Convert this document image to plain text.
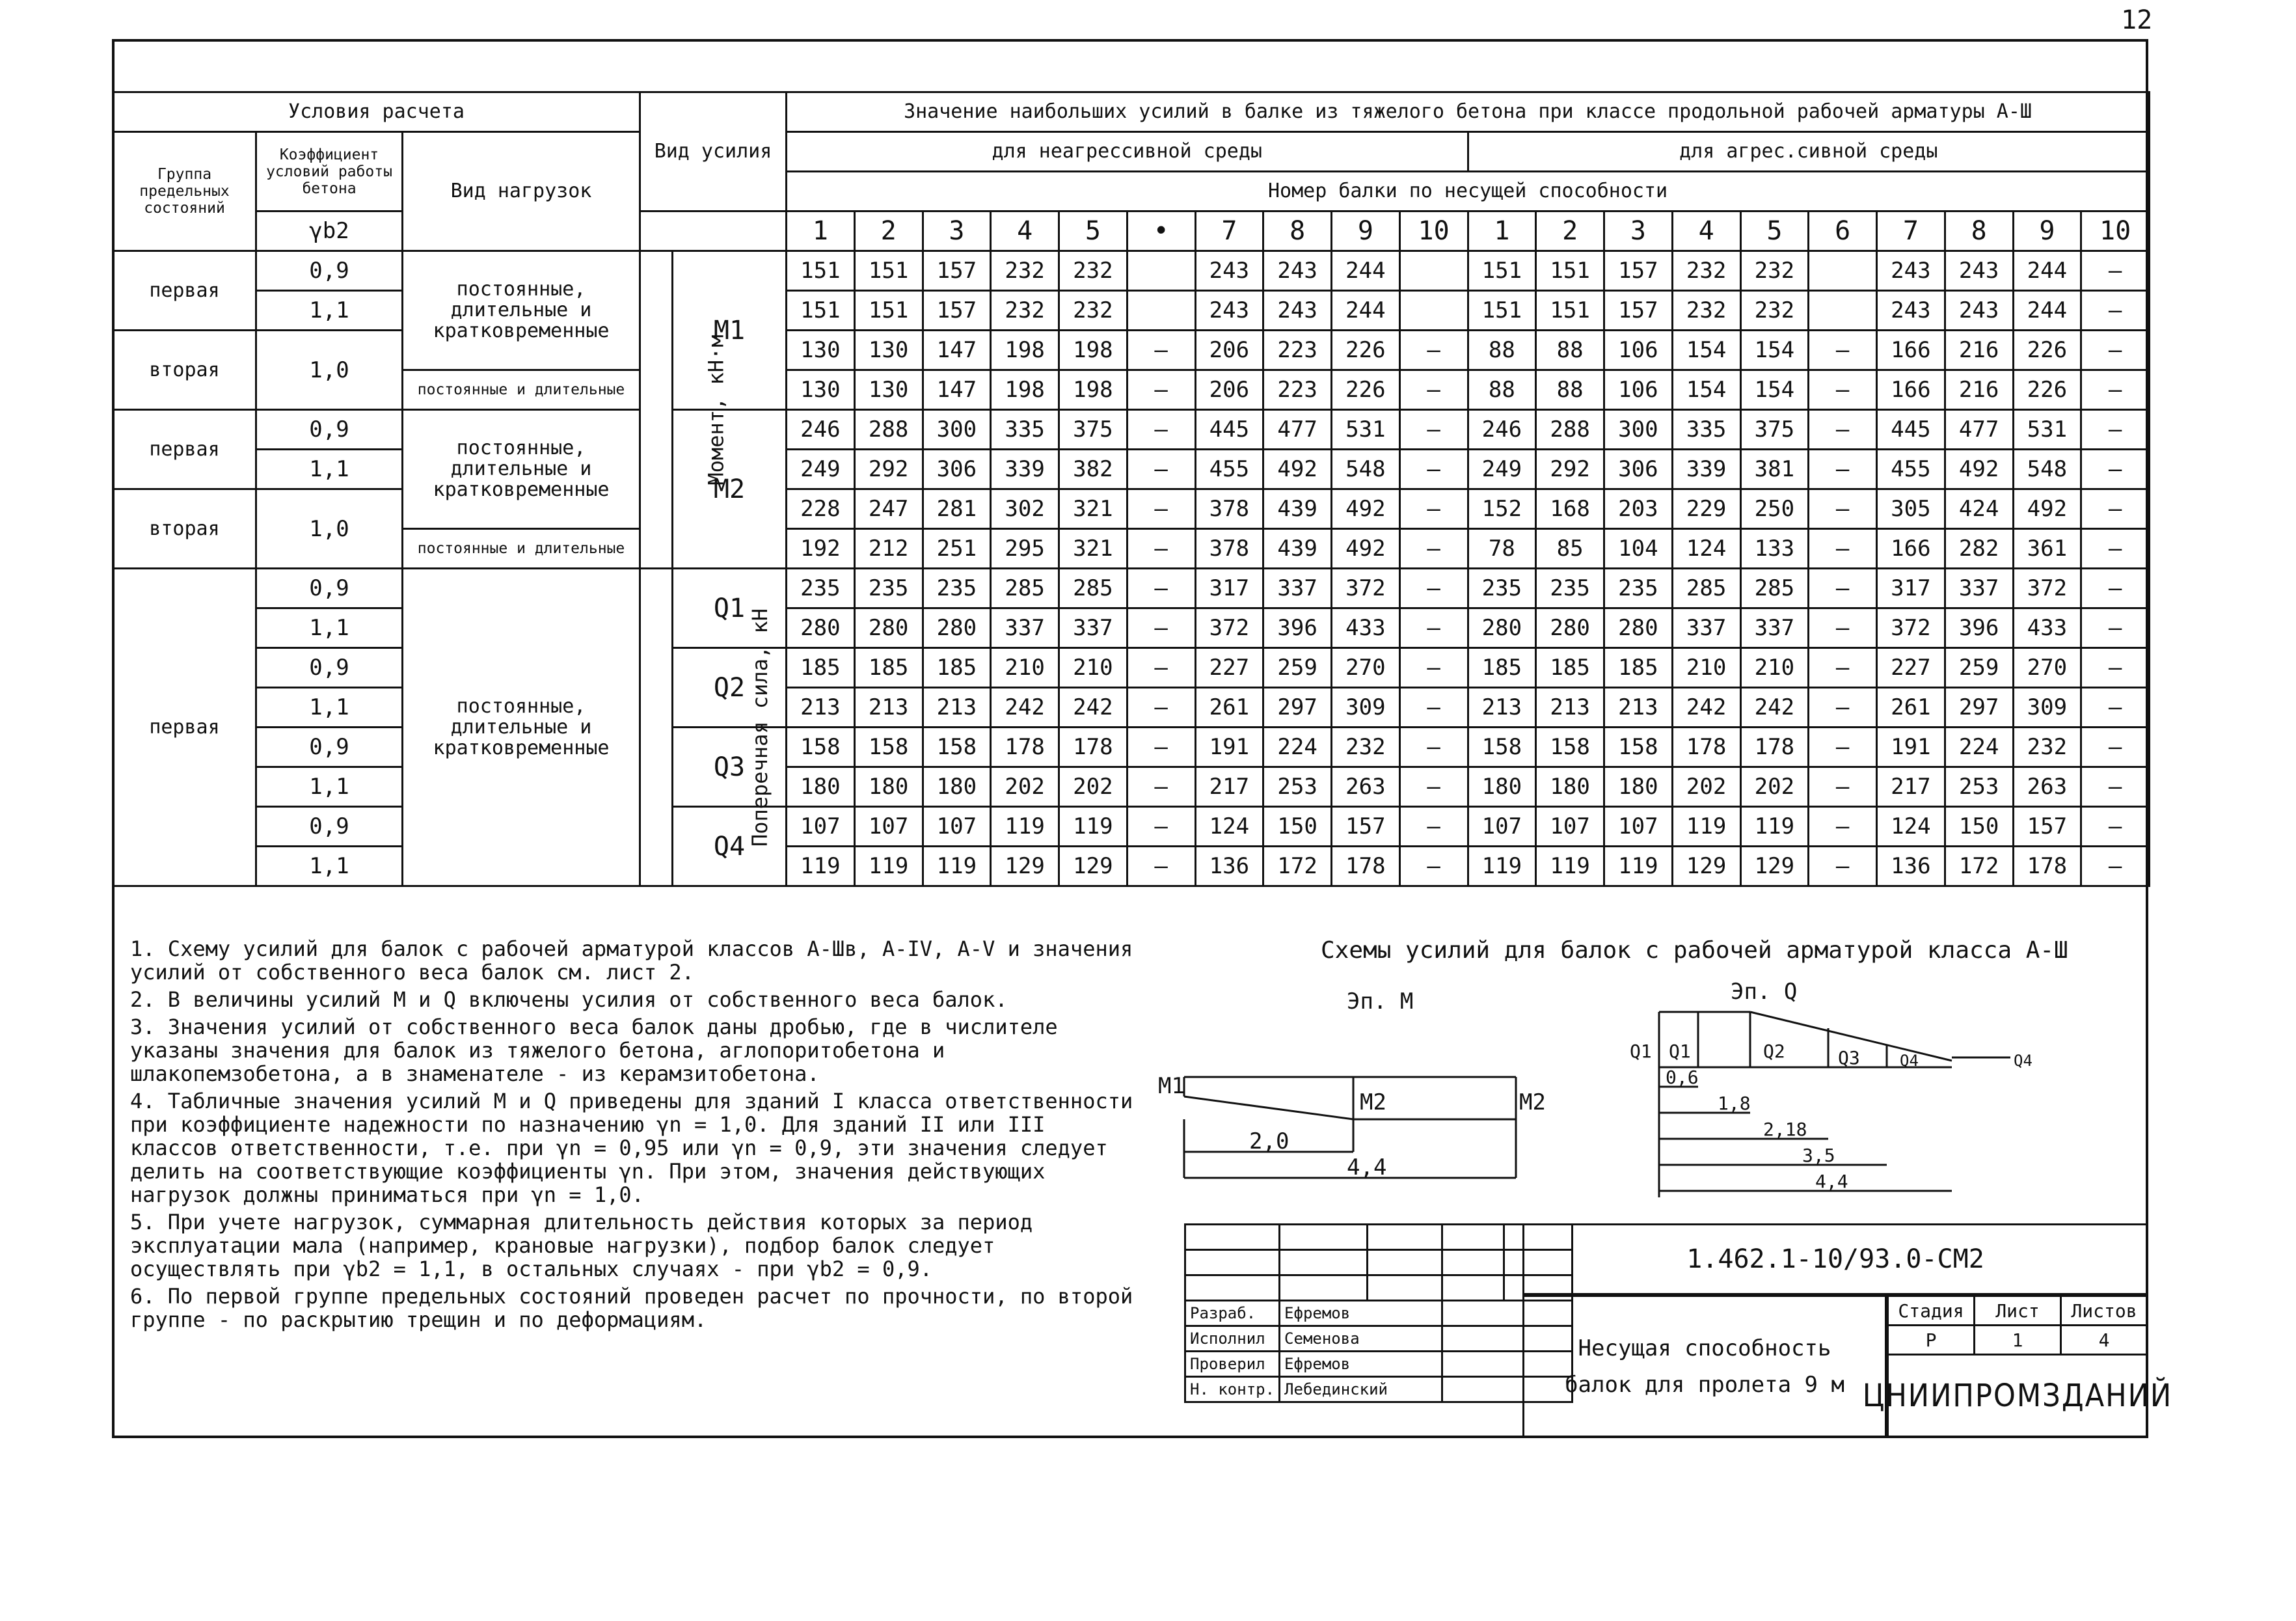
12
Условия расчета			Вид усилия		Значение наибольших усилий в балке из тяжелого бетона при классе продольной рабочей арматуры А-Ш																			
Группа предельных состояний	Коэффициент условий работы бетона	Вид нагрузок			для неагрессивной среды										для агрес.сивной среды									
					Номер балки по несущей способности																			
	γb2				1	2	3	4	5	•	7	8	9	10	1	2	3	4	5	6	7	8	9	10
первая	0,9	постоянные, длительные и кратковременные	Момент, кН·м	M1	151	151	157	232	232		243	243	244		151	151	157	232	232		243	243	244	—
	1,1				151	151	157	232	232		243	243	244		151	151	157	232	232		243	243	244	—
вторая	1,0				130	130	147	198	198	—	206	223	226	—	88	88	106	154	154	—	166	216	226	—
		постоянные и длительные			130	130	147	198	198	—	206	223	226	—	88	88	106	154	154	—	166	216	226	—
первая	0,9	постоянные, длительные и кратковременные		M2	246	288	300	335	375	—	445	477	531	—	246	288	300	335	375	—	445	477	531	—
	1,1				249	292	306	339	382	—	455	492	548	—	249	292	306	339	381	—	455	492	548	—
вторая	1,0				228	247	281	302	321	—	378	439	492	—	152	168	203	229	250	—	305	424	492	—
		постоянные и длительные			192	212	251	295	321	—	378	439	492	—	78	85	104	124	133	—	166	282	361	—
первая	0,9	постоянные, длительные и кратковременные	Поперечная сила, кН	Q1	235	235	235	285	285	—	317	337	372	—	235	235	235	285	285	—	317	337	372	—
	1,1				280	280	280	337	337	—	372	396	433	—	280	280	280	337	337	—	372	396	433	—
	0,9			Q2	185	185	185	210	210	—	227	259	270	—	185	185	185	210	210	—	227	259	270	—
	1,1				213	213	213	242	242	—	261	297	309	—	213	213	213	242	242	—	261	297	309	—
	0,9			Q3	158	158	158	178	178	—	191	224	232	—	158	158	158	178	178	—	191	224	232	—
	1,1				180	180	180	202	202	—	217	253	263	—	180	180	180	202	202	—	217	253	263	—
	0,9			Q4	107	107	107	119	119	—	124	150	157	—	107	107	107	119	119	—	124	150	157	—
	1,1				119	119	119	129	129	—	136	172	178	—	119	119	119	129	129	—	136	172	178	—

1. Схему усилий для балок с рабочей арматурой классов А-Шв, А-IV, А-V и значения усилий от собственного веса балок см. лист 2.

2. В величины усилий M и Q включены усилия от собственного веса балок.

3. Значения усилий от собственного веса балок даны дробью, где в числителе указаны значения для балок из тяжелого бетона, аглопоритобетона и шлакопемзобетона, а в знаменателе - из керамзитобетона.

4. Табличные значения усилий M и Q приведены для зданий I класса ответственности при коэффициенте надежности по назначению γn = 1,0. Для зданий II или III классов ответственности, т.е. при γn = 0,95 или γn = 0,9, эти значения следует делить на соответствующие коэффициенты γn. При этом, значения действующих нагрузок должны приниматься при γn = 1,0.

5. При учете нагрузок, суммарная длительность действия которых за период эксплуатации мала (например, крановые нагрузки), подбор балок следует осуществлять при γb2 = 1,1, в остальных случаях - при γb2 = 0,9.

6. По первой группе предельных состояний проведен расчет по прочности, по второй группе - по раскрытию трещин и по деформациям.

Схемы усилий для балок с рабочей арматурой класса А-Ш
Эп. М	Эп. Q
M1
M2	M2
2,0
4,4
Q1 Q1	Q2	Q3	Q4	Q4
0,6
1,8
2,18
3,5
4,4

Разраб.	Ефремов			
Исполнил	Семенова			
Проверил	Ефремов			
Н. контр.	Лебединский			
1.462.1-10/93.0-СМ2
Несущая способность
балок для пролета 9 м
Стадия	Лист	Листов
Р	1	4
ЦНИИПРОМЗДАНИЙ
